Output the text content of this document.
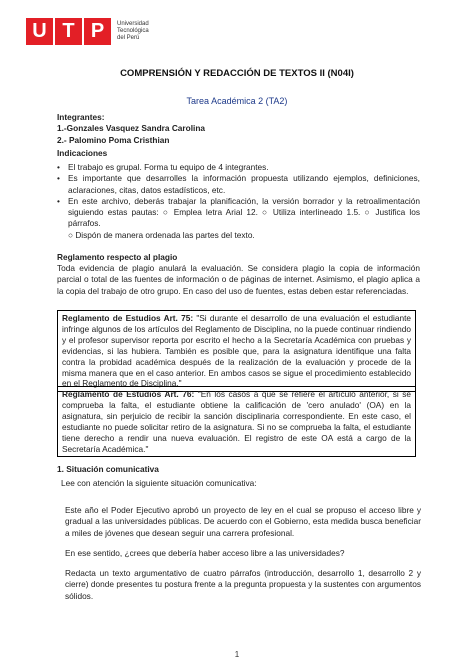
U T P	Universidad
Tecnológica
del Perú
COMPRENSIÓN Y REDACCIÓN DE TEXTOS II (N04I)
Tarea Académica 2 (TA2)
Integrantes:
1.-Gonzales Vasquez Sandra Carolina
2.- Palomino Poma Cristhian
Indicaciones
• El trabajo es grupal. Forma tu equipo de 4 integrantes.
• Es importante que desarrolles la información propuesta utilizando ejemplos, definiciones, aclaraciones, citas, datos estadísticos, etc.
• En este archivo, deberás trabajar la planificación, la versión borrador y la retroalimentación siguiendo estas pautas: ○ Emplea letra Arial 12. ○ Utiliza interlineado 1.5. ○ Justifica los párrafos.
○ Dispón de manera ordenada las partes del texto.
Reglamento respecto al plagio
Toda evidencia de plagio anulará la evaluación. Se considera plagio la copia de información parcial o total de las fuentes de información o de páginas de internet. Asimismo, el plagio aplica a la copia del trabajo de otro grupo. En caso del uso de fuentes, estas deben estar referenciadas.
Reglamento de Estudios Art. 75: "Si durante el desarrollo de una evaluación el estudiante infringe algunos de los artículos del Reglamento de Disciplina, no la puede continuar rindiendo y el profesor supervisor reporta por escrito el hecho a la Secretaría Académica con pruebas y evidencias, si las hubiera. También es posible que, para la asignatura identifique una falta contra la probidad académica después de la realización de la evaluación y procede de la misma manera que en el caso anterior. En ambos casos se sigue el procedimiento establecido en el Reglamento de Disciplina."
Reglamento de Estudios Art. 76: "En los casos a que se refiere el artículo anterior, si se comprueba la falta, el estudiante obtiene la calificación de 'cero anulado' (OA) en la asignatura, sin perjuicio de recibir la sanción disciplinaria correspondiente. En este caso, el estudiante no puede solicitar retiro de la asignatura. Si no se comprueba la falta, el estudiante tiene derecho a rendir una nueva evaluación. El registro de este OA está a cargo de la Secretaría Académica."
1. Situación comunicativa
Lee con atención la siguiente situación comunicativa:
Este año el Poder Ejecutivo aprobó un proyecto de ley en el cual se propuso el acceso libre y gradual a las universidades públicas. De acuerdo con el Gobierno, esta medida busca beneficiar a miles de jóvenes que desean seguir una carrera profesional.
En ese sentido, ¿crees que debería haber acceso libre a las universidades?
Redacta un texto argumentativo de cuatro párrafos (introducción, desarrollo 1, desarrollo 2 y cierre) donde presentes tu postura frente a la pregunta propuesta y la sustentes con argumentos sólidos.
1
